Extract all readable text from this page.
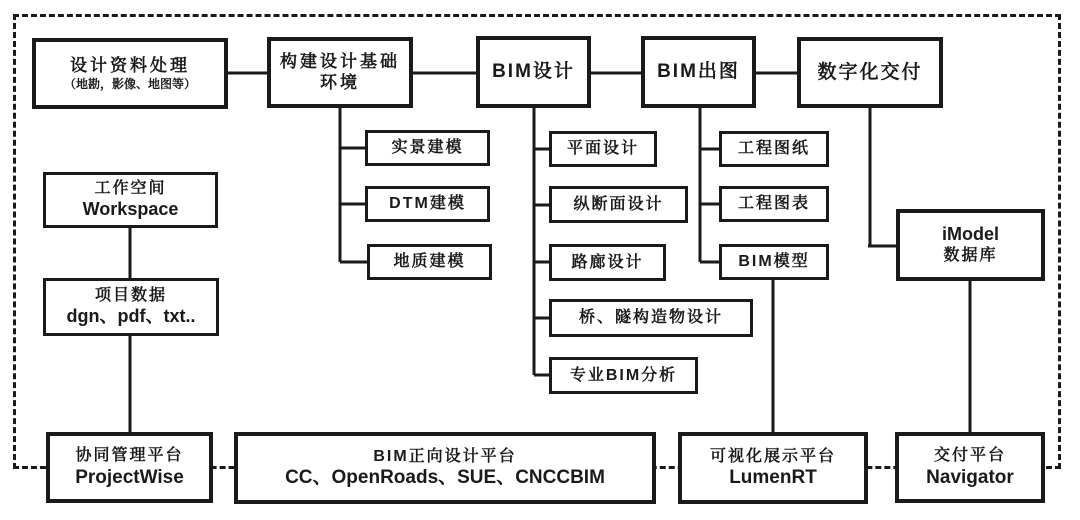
设计资料处理
（地勘，影像、地图等）
构建设计基础
环境	BIM设计	BIM出图	数字化交付
实景建模
DTM建模
地质建模
平面设计
纵断面设计
路廊设计
桥、隧构造物设计
专业BIM分析
工程图纸
工程图表
BIM模型
iModel
数据库
工作空间
Workspace
项目数据
dgn、pdf、txt..
协同管理平台
ProjectWise
BIM正向设计平台
CC、OpenRoads、SUE、CNCCBIM
可视化展示平台
LumenRT
交付平台
Navigator
